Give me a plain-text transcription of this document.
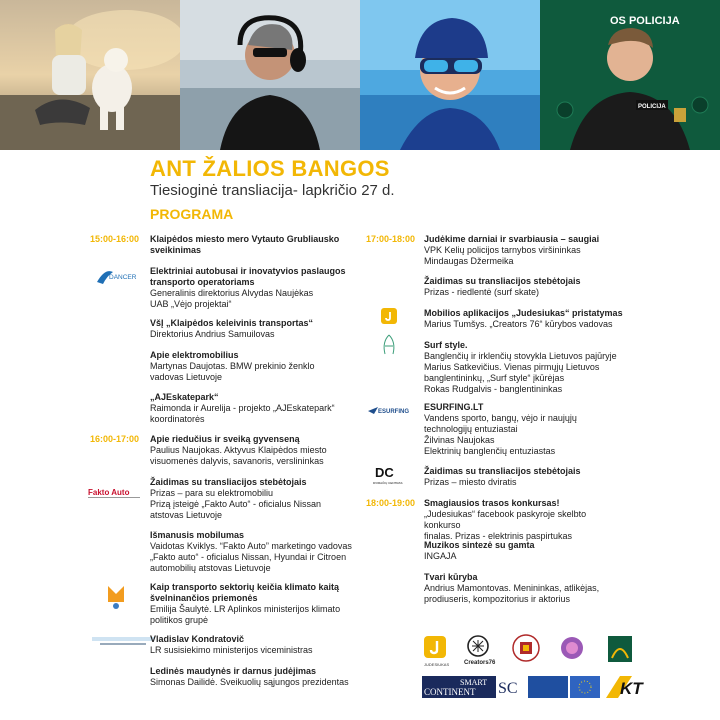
OS POLICIJA
POLICIJA
ANT ŽALIOS BANGOS
Tiesioginė transliacija- lapkričio 27 d.
PROGRAMA
15:00-16:00 Klaipėdos miesto mero Vytauto Grubliausko
sveikinimas
DANCER
Elektriniai autobusai ir inovatyvios paslaugos
transporto operatoriams
Generalinis direktorius Alvydas Naujėkas
UAB „Vėjo projektai“
VšĮ „Klaipėdos keleivinis transportas“
Direktorius Andrius Samuilovas
Apie elektromobilius
Martynas Daujotas. BMW prekinio ženklo
vadovas Lietuvoje
„AJEskatepark“
Raimonda ir Aurelija - projekto „AJEskatepark“
koordinatorės
16:00-17:00 Apie riedučius ir sveiką gyvenseną
Paulius Naujokas. Aktyvus Klaipėdos miesto
visuomenės dalyvis, savanoris, verslininkas
Fakto Auto
Žaidimas su transliacijos stebėtojais
Prizas – para su elektromobiliu
Prizą įsteigė „Fakto Auto“ - oficialus Nissan
atstovas Lietuvoje
Išmanusis mobilumas
Vaidotas Kviklys. “Fakto Auto” marketingo vadovas
„Fakto auto“ - oficialus Nissan, Hyundai ir Citroen
automobilių atstovas Lietuvoje
Kaip transporto sektorių keičia klimato kaitą
švelninančios priemonės
Emilija Šaulytė. LR Aplinkos ministerijos klimato
politikos grupė
Vladislav Kondratovič
LR susisiekimo ministerijos viceministras
Ledinės maudynės ir darnus judėjimas
Simonas Dailidė. Sveikuolių sąjungos prezidentas
17:00-18:00 Judėkime darniai ir svarbiausia – saugiai
VPK Kelių policijos tarnybos viršininkas
Mindaugas Džermeika
Žaidimas su transliacijos stebėtojais
Prizas - riedlentė (surf skate)
Mobilios aplikacijos „Judesiukas“ pristatymas
Marius Tumšys. „Creators 76“ kūrybos vadovas
Surf style.
Banglenčių ir irklenčių stovykla Lietuvos pajūryje
Marius Satkevičius. Vienas pirmųjų Lietuvos
banglentininkų, „Surf style“ įkūrėjas
Rokas Rudgalvis - banglentininkas
ESURFING ESURFING.LT
Vandens sporto, bangų, vėjo ir naujųjų
technologijų entuziastai
Žilvinas Naujokas
Elektrinių banglenčių entuziastas
DC
DVIRAČIŲ CENTRAS
Žaidimas su transliacijos stebėtojais
Prizas – miesto dviratis
18:00-19:00 Smagiausios trasos konkursas!
„Judesiukas“ facebook paskyroje skelbto konkurso
finalas. Prizas - elektrinis paspirtukas
Muzikos sintezė su gamta
INGAJA
Tvari kūryba
Andrius Mamontovas. Menininkas, atlikėjas,
prodiuseris, kompozitorius ir aktorius
JUDESIUKAS Creators76
SMART
CONTINENT SC	KT
